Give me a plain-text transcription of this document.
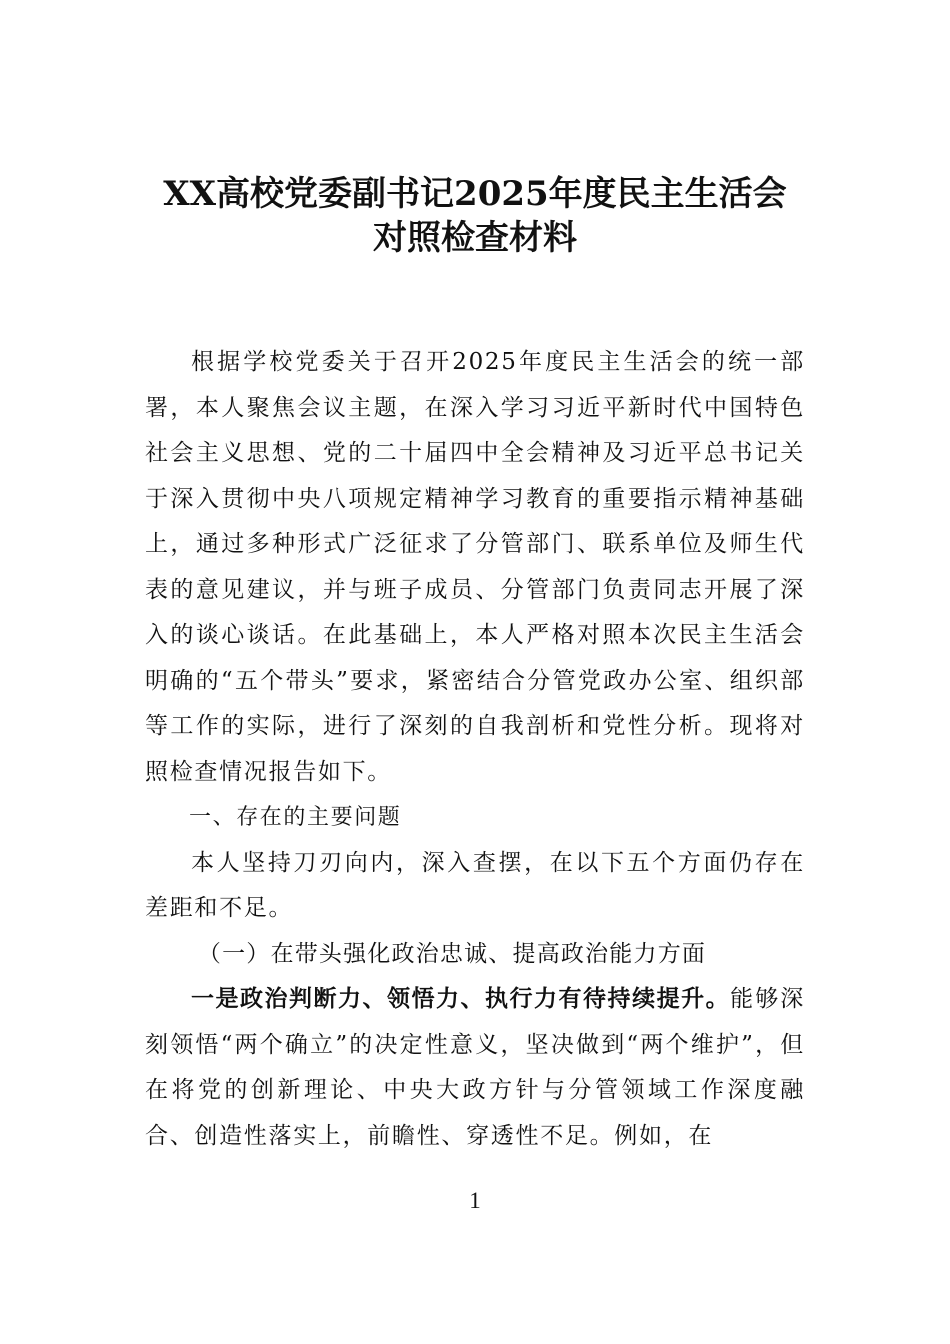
XX高校党委副书记2025年度民主生活会
对照检查材料

根据学校党委关于召开2025年度民主生活会的统一部署，本人聚焦会议主题，在深入学习习近平新时代中国特色社会主义思想、党的二十届四中全会精神及习近平总书记关于深入贯彻中央八项规定精神学习教育的重要指示精神基础上，通过多种形式广泛征求了分管部门、联系单位及师生代表的意见建议，并与班子成员、分管部门负责同志开展了深入的谈心谈话。在此基础上，本人严格对照本次民主生活会明确的“五个带头”要求，紧密结合分管党政办公室、组织部等工作的实际，进行了深刻的自我剖析和党性分析。现将对照检查情况报告如下。

一、存在的主要问题

本人坚持刀刃向内，深入查摆，在以下五个方面仍存在差距和不足。

（一）在带头强化政治忠诚、提高政治能力方面

一是政治判断力、领悟力、执行力有待持续提升。能够深刻领悟“两个确立”的决定性意义，坚决做到“两个维护”，但在将党的创新理论、中央大政方针与分管领域工作深度融合、创造性落实上，前瞻性、穿透性不足。例如，在

1
